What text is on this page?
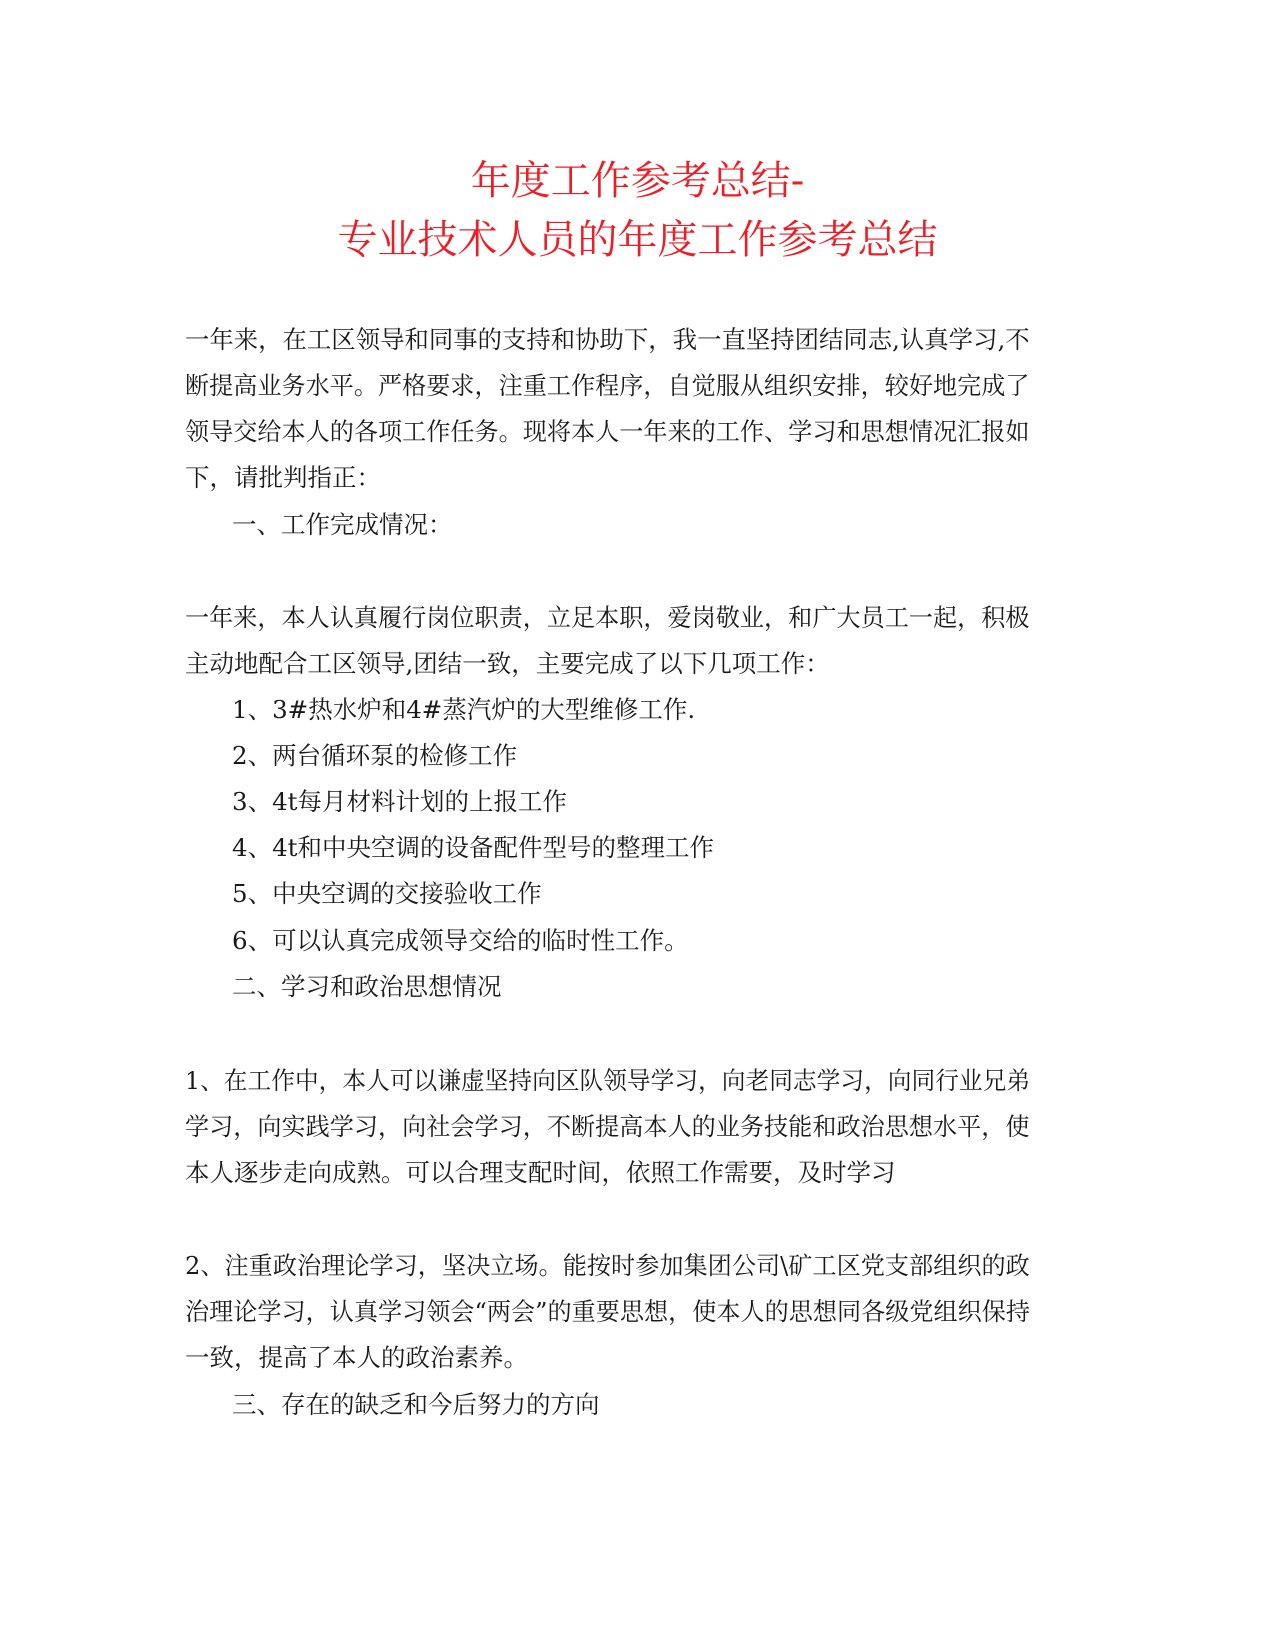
年度工作参考总结-
专业技术人员的年度工作参考总结

一年来，在工区领导和同事的支持和协助下，我一直坚持团结同志,认真学习,不

断提高业务水平。严格要求，注重工作程序，自觉服从组织安排，较好地完成了

领导交给本人的各项工作任务。现将本人一年来的工作、学习和思想情况汇报如

下，请批判指正：

一、工作完成情况：

一年来，本人认真履行岗位职责，立足本职，爱岗敬业，和广大员工一起，积极

主动地配合工区领导,团结一致，主要完成了以下几项工作：

1、3#热水炉和4#蒸汽炉的大型维修工作.

2、两台循环泵的检修工作

3、4t每月材料计划的上报工作

4、4t和中央空调的设备配件型号的整理工作

5、中央空调的交接验收工作

6、可以认真完成领导交给的临时性工作。

二、学习和政治思想情况

1、在工作中，本人可以谦虚坚持向区队领导学习，向老同志学习，向同行业兄弟

学习，向实践学习，向社会学习，不断提高本人的业务技能和政治思想水平，使

本人逐步走向成熟。可以合理支配时间，依照工作需要，及时学习

2、注重政治理论学习，坚决立场。能按时参加集团公司\矿工区党支部组织的政

治理论学习，认真学习领会“两会”的重要思想，使本人的思想同各级党组织保持

一致，提高了本人的政治素养。

三、存在的缺乏和今后努力的方向
